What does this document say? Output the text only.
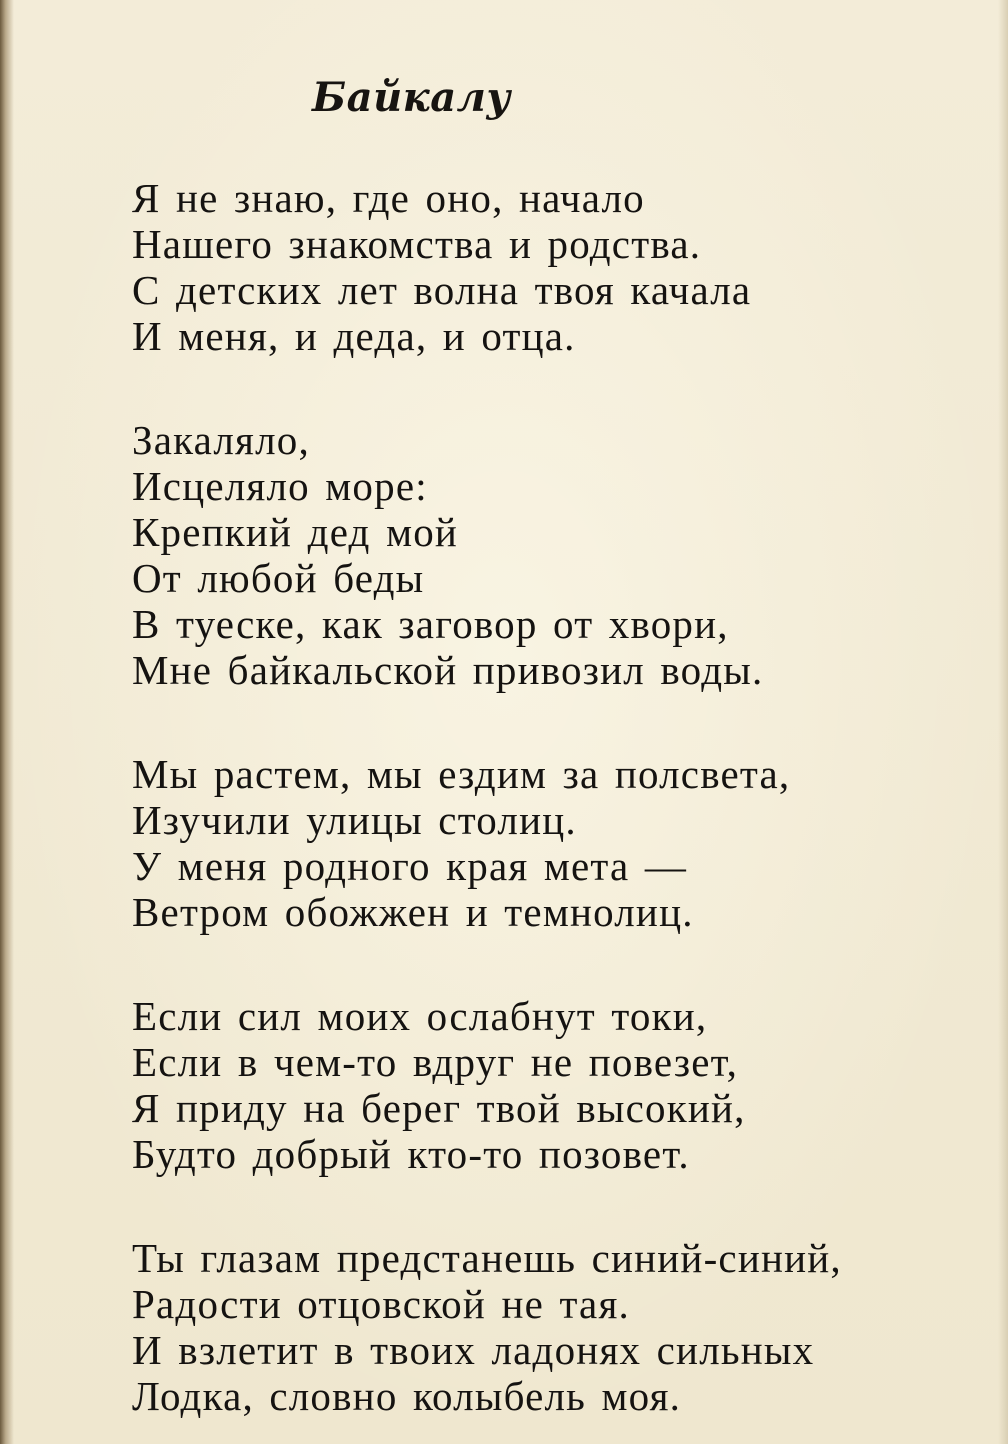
Байкалу
Я не знаю, где оно, начало
Нашего знакомства и родства.
С детских лет волна твоя качала
И меня, и деда, и отца.
Закаляло,
Исцеляло море:
Крепкий дед мой
От любой беды
В туеске, как заговор от хвори,
Мне байкальской привозил воды.
Мы растем, мы ездим за полсвета,
Изучили улицы столиц.
У меня родного края мета —
Ветром обожжен и темнолиц.
Если сил моих ослабнут токи,
Если в чем-то вдруг не повезет,
Я приду на берег твой высокий,
Будто добрый кто-то позовет.
Ты глазам предстанешь синий-синий,
Радости отцовской не тая.
И взлетит в твоих ладонях сильных
Лодка, словно колыбель моя.
